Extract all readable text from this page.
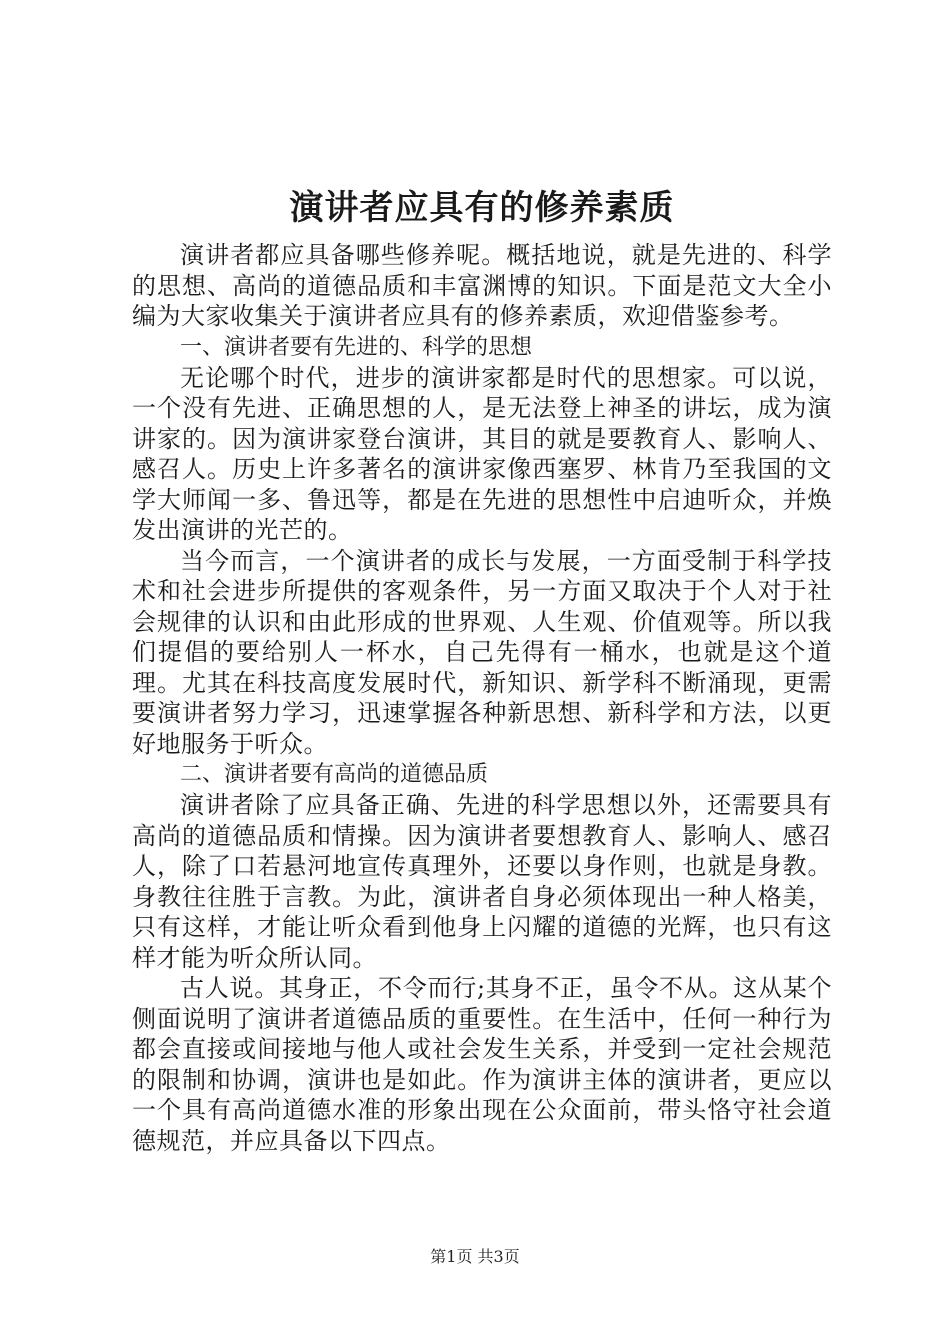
演讲者应具有的修养素质

演讲者都应具备哪些修养呢。概括地说，就是先进的、科学的思想、高尚的道德品质和丰富渊博的知识。下面是范文大全小编为大家收集关于演讲者应具有的修养素质，欢迎借鉴参考。

一、演讲者要有先进的、科学的思想

无论哪个时代，进步的演讲家都是时代的思想家。可以说，一个没有先进、正确思想的人，是无法登上神圣的讲坛，成为演讲家的。因为演讲家登台演讲，其目的就是要教育人、影响人、感召人。历史上许多著名的演讲家像西塞罗、林肯乃至我国的文学大师闻一多、鲁迅等，都是在先进的思想性中启迪听众，并焕发出演讲的光芒的。

当今而言，一个演讲者的成长与发展，一方面受制于科学技术和社会进步所提供的客观条件，另一方面又取决于个人对于社会规律的认识和由此形成的世界观、人生观、价值观等。所以我们提倡的要给别人一杯水，自己先得有一桶水，也就是这个道理。尤其在科技高度发展时代，新知识、新学科不断涌现，更需要演讲者努力学习，迅速掌握各种新思想、新科学和方法，以更好地服务于听众。

二、演讲者要有高尚的道德品质

演讲者除了应具备正确、先进的科学思想以外，还需要具有高尚的道德品质和情操。因为演讲者要想教育人、影响人、感召人，除了口若悬河地宣传真理外，还要以身作则，也就是身教。身教往往胜于言教。为此，演讲者自身必须体现出一种人格美，只有这样，才能让听众看到他身上闪耀的道德的光辉，也只有这样才能为听众所认同。

古人说。其身正，不令而行;其身不正，虽令不从。这从某个侧面说明了演讲者道德品质的重要性。在生活中，任何一种行为都会直接或间接地与他人或社会发生关系，并受到一定社会规范的限制和协调，演讲也是如此。作为演讲主体的演讲者，更应以一个具有高尚道德水准的形象出现在公众面前，带头恪守社会道德规范，并应具备以下四点。

第1页 共3页
